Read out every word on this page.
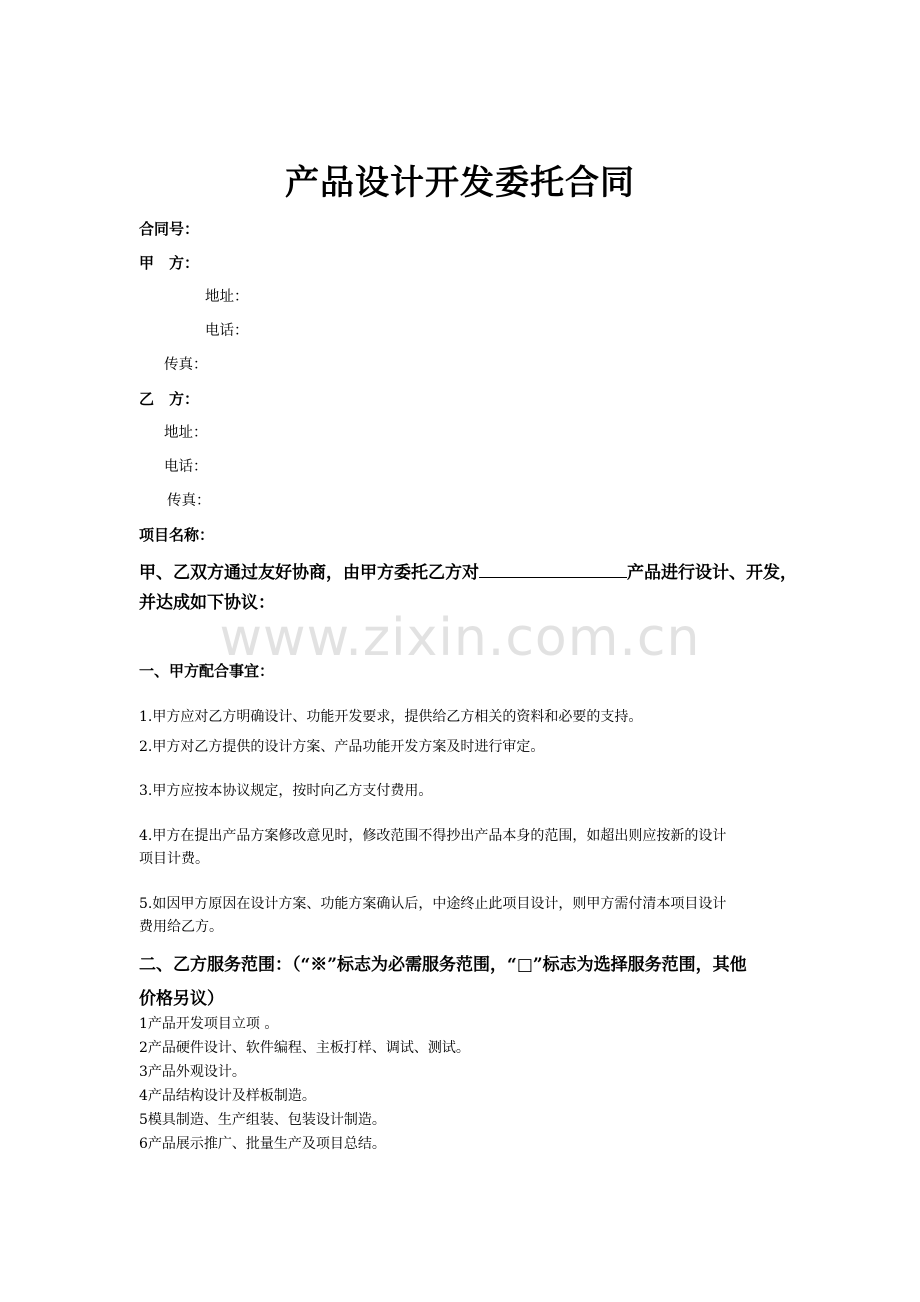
www.zixin.com.cn
产品设计开发委托合同
合同号：
甲　方：
地址：
电话：
传真：
乙　方：
地址：
电话：
传真：
项目名称：
甲、乙双方通过友好协商，由甲方委托乙方对	产品进行设计、开发，
并达成如下协议：
一、甲方配合事宜：
1.甲方应对乙方明确设计、功能开发要求，提供给乙方相关的资料和必要的支持。
2.甲方对乙方提供的设计方案、产品功能开发方案及时进行审定。
3.甲方应按本协议规定，按时向乙方支付费用。
4.甲方在提出产品方案修改意见时，修改范围不得抄出产品本身的范围，如超出则应按新的设计
项目计费。
5.如因甲方原因在设计方案、功能方案确认后，中途终止此项目设计，则甲方需付清本项目设计
费用给乙方。
二、乙方服务范围：（“※”标志为必需服务范围，“□”标志为选择服务范围，其他
价格另议）
1产品开发项目立项 。
2产品硬件设计、软件编程、主板打样、调试、测试。
3产品外观设计。
4产品结构设计及样板制造。
5模具制造、生产组装、包装设计制造。
6产品展示推广、批量生产及项目总结。
